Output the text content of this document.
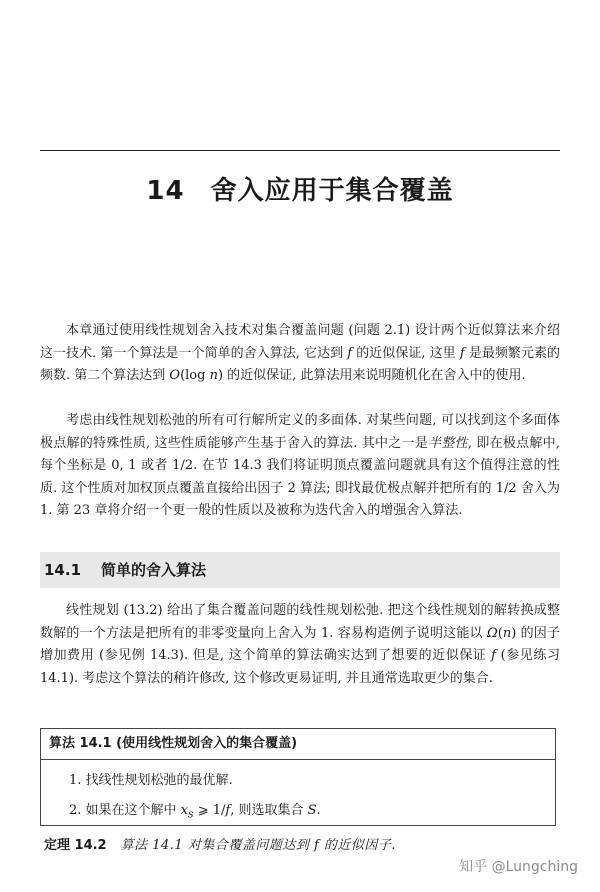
14 舍入应用于集合覆盖
本章通过使用线性规划舍入技术对集合覆盖问题 (问题 2.1) 设计两个近似算法来介绍这一技术. 第一个算法是一个简单的舍入算法, 它达到 f 的近似保证, 这里 f 是最频繁元素的频数. 第二个算法达到 O(log n) 的近似保证, 此算法用来说明随机化在舍入中的使用.
考虑由线性规划松弛的所有可行解所定义的多面体. 对某些问题, 可以找到这个多面体极点解的特殊性质, 这些性质能够产生基于舍入的算法. 其中之一是半整性, 即在极点解中, 每个坐标是 0, 1 或者 1/2. 在节 14.3 我们将证明顶点覆盖问题就具有这个值得注意的性质. 这个性质对加权顶点覆盖直接给出因子 2 算法; 即找最优极点解并把所有的 1/2 舍入为 1. 第 23 章将介绍一个更一般的性质以及被称为迭代舍入的增强舍入算法.
14.1 简单的舍入算法
线性规划 (13.2) 给出了集合覆盖问题的线性规划松弛. 把这个线性规划的解转换成整数解的一个方法是把所有的非零变量向上舍入为 1. 容易构造例子说明这能以 Ω(n) 的因子增加费用 (参见例 14.3). 但是, 这个简单的算法确实达到了想要的近似保证 f (参见练习 14.1). 考虑这个算法的稍许修改, 这个修改更易证明, 并且通常选取更少的集合.
算法 14.1 (使用线性规划舍入的集合覆盖)
1. 找线性规划松弛的最优解.
2. 如果在这个解中 $x_s$ ⩾ 1/f, 则选取集合 S.
定理 14.2 算法 14.1 对集合覆盖问题达到 f 的近似因子.
知乎 @Lungching
